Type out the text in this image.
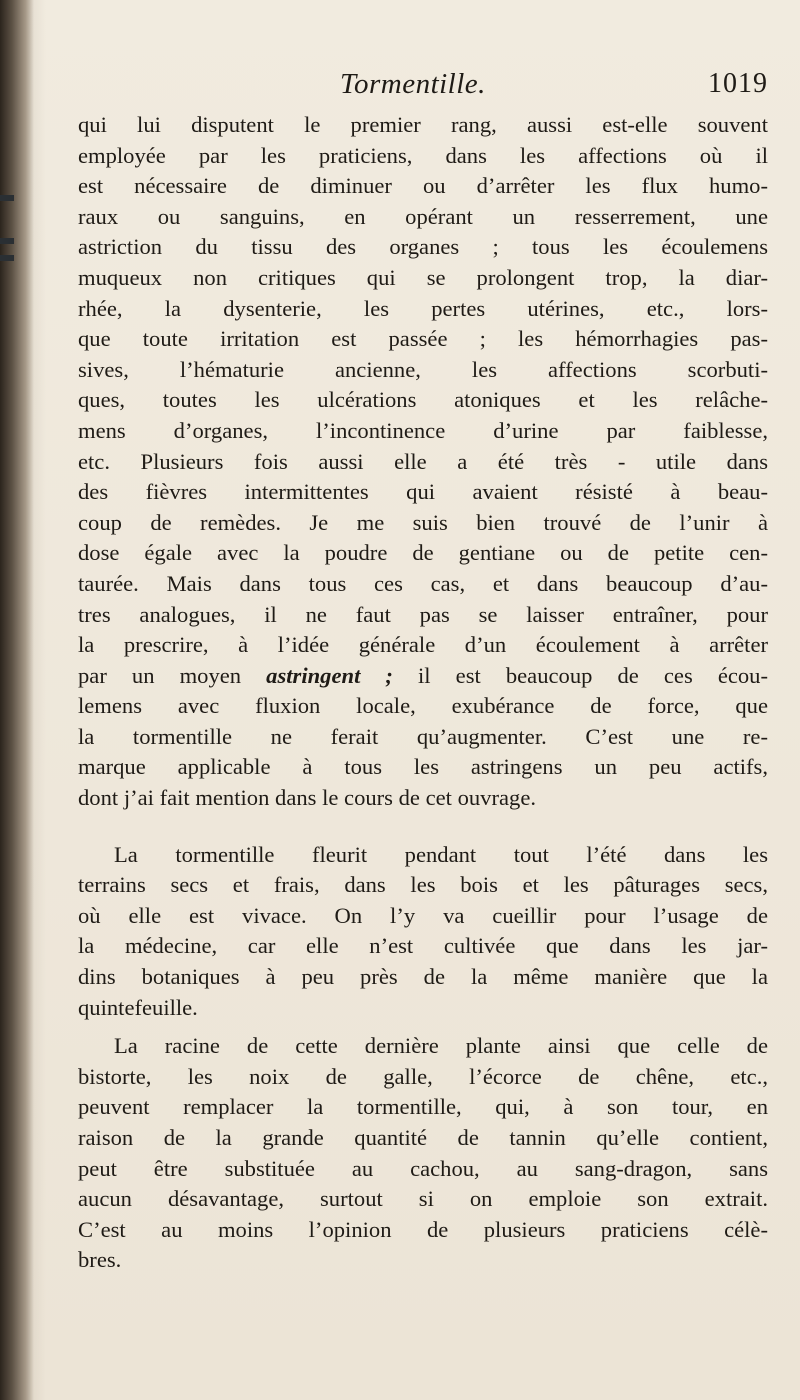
Tormentille.	1019

qui lui disputent le premier rang, aussi est-elle souvent
employée par les praticiens, dans les affections où il
est nécessaire de diminuer ou d’arrêter les flux humo-
raux ou sanguins, en opérant un resserrement, une
astriction du tissu des organes ; tous les écoulemens
muqueux non critiques qui se prolongent trop, la diar-
rhée, la dysenterie, les pertes utérines, etc., lors-
que toute irritation est passée ; les hémorrhagies pas-
sives, l’hématurie ancienne, les affections scorbuti-
ques, toutes les ulcérations atoniques et les relâche-
mens d’organes, l’incontinence d’urine par faiblesse,
etc. Plusieurs fois aussi elle a été très - utile dans
des fièvres intermittentes qui avaient résisté à beau-
coup de remèdes. Je me suis bien trouvé de l’unir à
dose égale avec la poudre de gentiane ou de petite cen-
taurée. Mais dans tous ces cas, et dans beaucoup d’au-
tres analogues, il ne faut pas se laisser entraîner, pour
la prescrire, à l’idée générale d’un écoulement à arrêter
par un moyen astringent ; il est beaucoup de ces écou-
lemens avec fluxion locale, exubérance de force, que
la tormentille ne ferait qu’augmenter. C’est une re-
marque applicable à tous les astringens un peu actifs,
dont j’ai fait mention dans le cours de cet ouvrage.

La tormentille fleurit pendant tout l’été dans les
terrains secs et frais, dans les bois et les pâturages secs,
où elle est vivace. On l’y va cueillir pour l’usage de
la médecine, car elle n’est cultivée que dans les jar-
dins botaniques à peu près de la même manière que la
quintefeuille.

La racine de cette dernière plante ainsi que celle de
bistorte, les noix de galle, l’écorce de chêne, etc.,
peuvent remplacer la tormentille, qui, à son tour, en
raison de la grande quantité de tannin qu’elle contient,
peut être substituée au cachou, au sang-dragon, sans
aucun désavantage, surtout si on emploie son extrait.
C’est au moins l’opinion de plusieurs praticiens célè-
bres.
